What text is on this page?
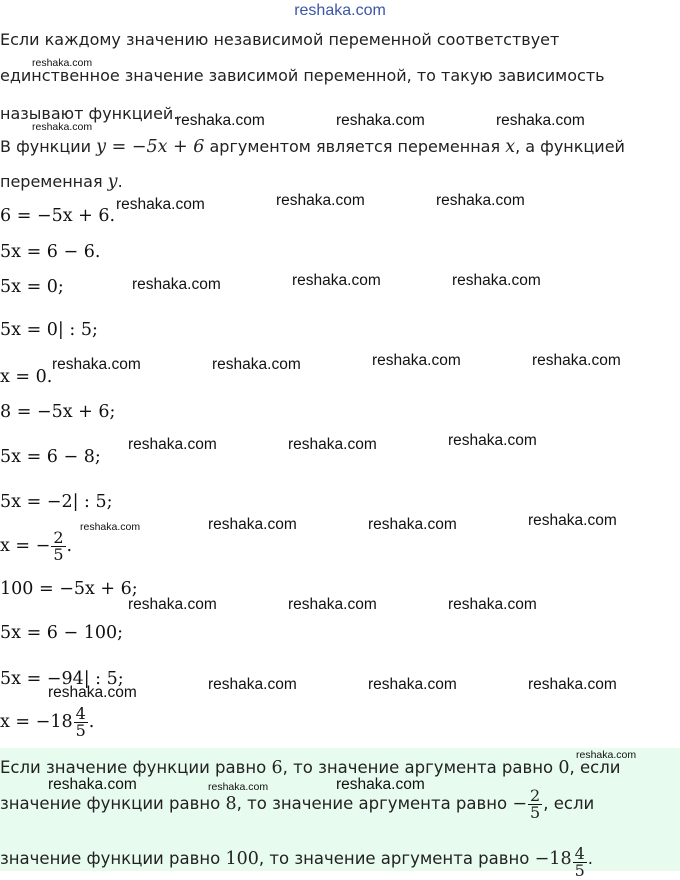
reshaka.com
Если каждому значению независимой переменной соответствует
единственное значение зависимой переменной, то такую зависимость
называют функцией.
В функции y = −5x + 6 аргументом является переменная x, а функцией
переменная y.
6 = −5x + 6.
5x = 6 − 6.
5x = 0;
5x = 0| : 5;
x = 0.
8 = −5x + 6;
5x = 6 − 8;
5x = −2| : 5;
x = − $\frac{2}{5}$ .
100 = −5x + 6;
5x = 6 − 100;
5x = −94| : 5;
$x = -18 \frac{4}{5}$ .
Если значение функции равно 6, то значение аргумента равно 0, если
значение функции равно 8, то значение аргумента равно − $\frac{2}{5}$ , если
значение функции равно 100, то значение аргумента равно $-18 \frac{4}{5}$ .
reshaka.com
reshaka.com	reshaka.com	reshaka.com	reshaka.com
reshaka.com	reshaka.com	reshaka.com
reshaka.com	reshaka.com	reshaka.com
reshaka.com	reshaka.com	reshaka.com	reshaka.com
reshaka.com	reshaka.com	reshaka.com
reshaka.com	reshaka.com	reshaka.com	reshaka.com
reshaka.com	reshaka.com	reshaka.com
reshaka.com	reshaka.com	reshaka.com	reshaka.com
reshaka.com	reshaka.com	reshaka.com
reshaka.com
